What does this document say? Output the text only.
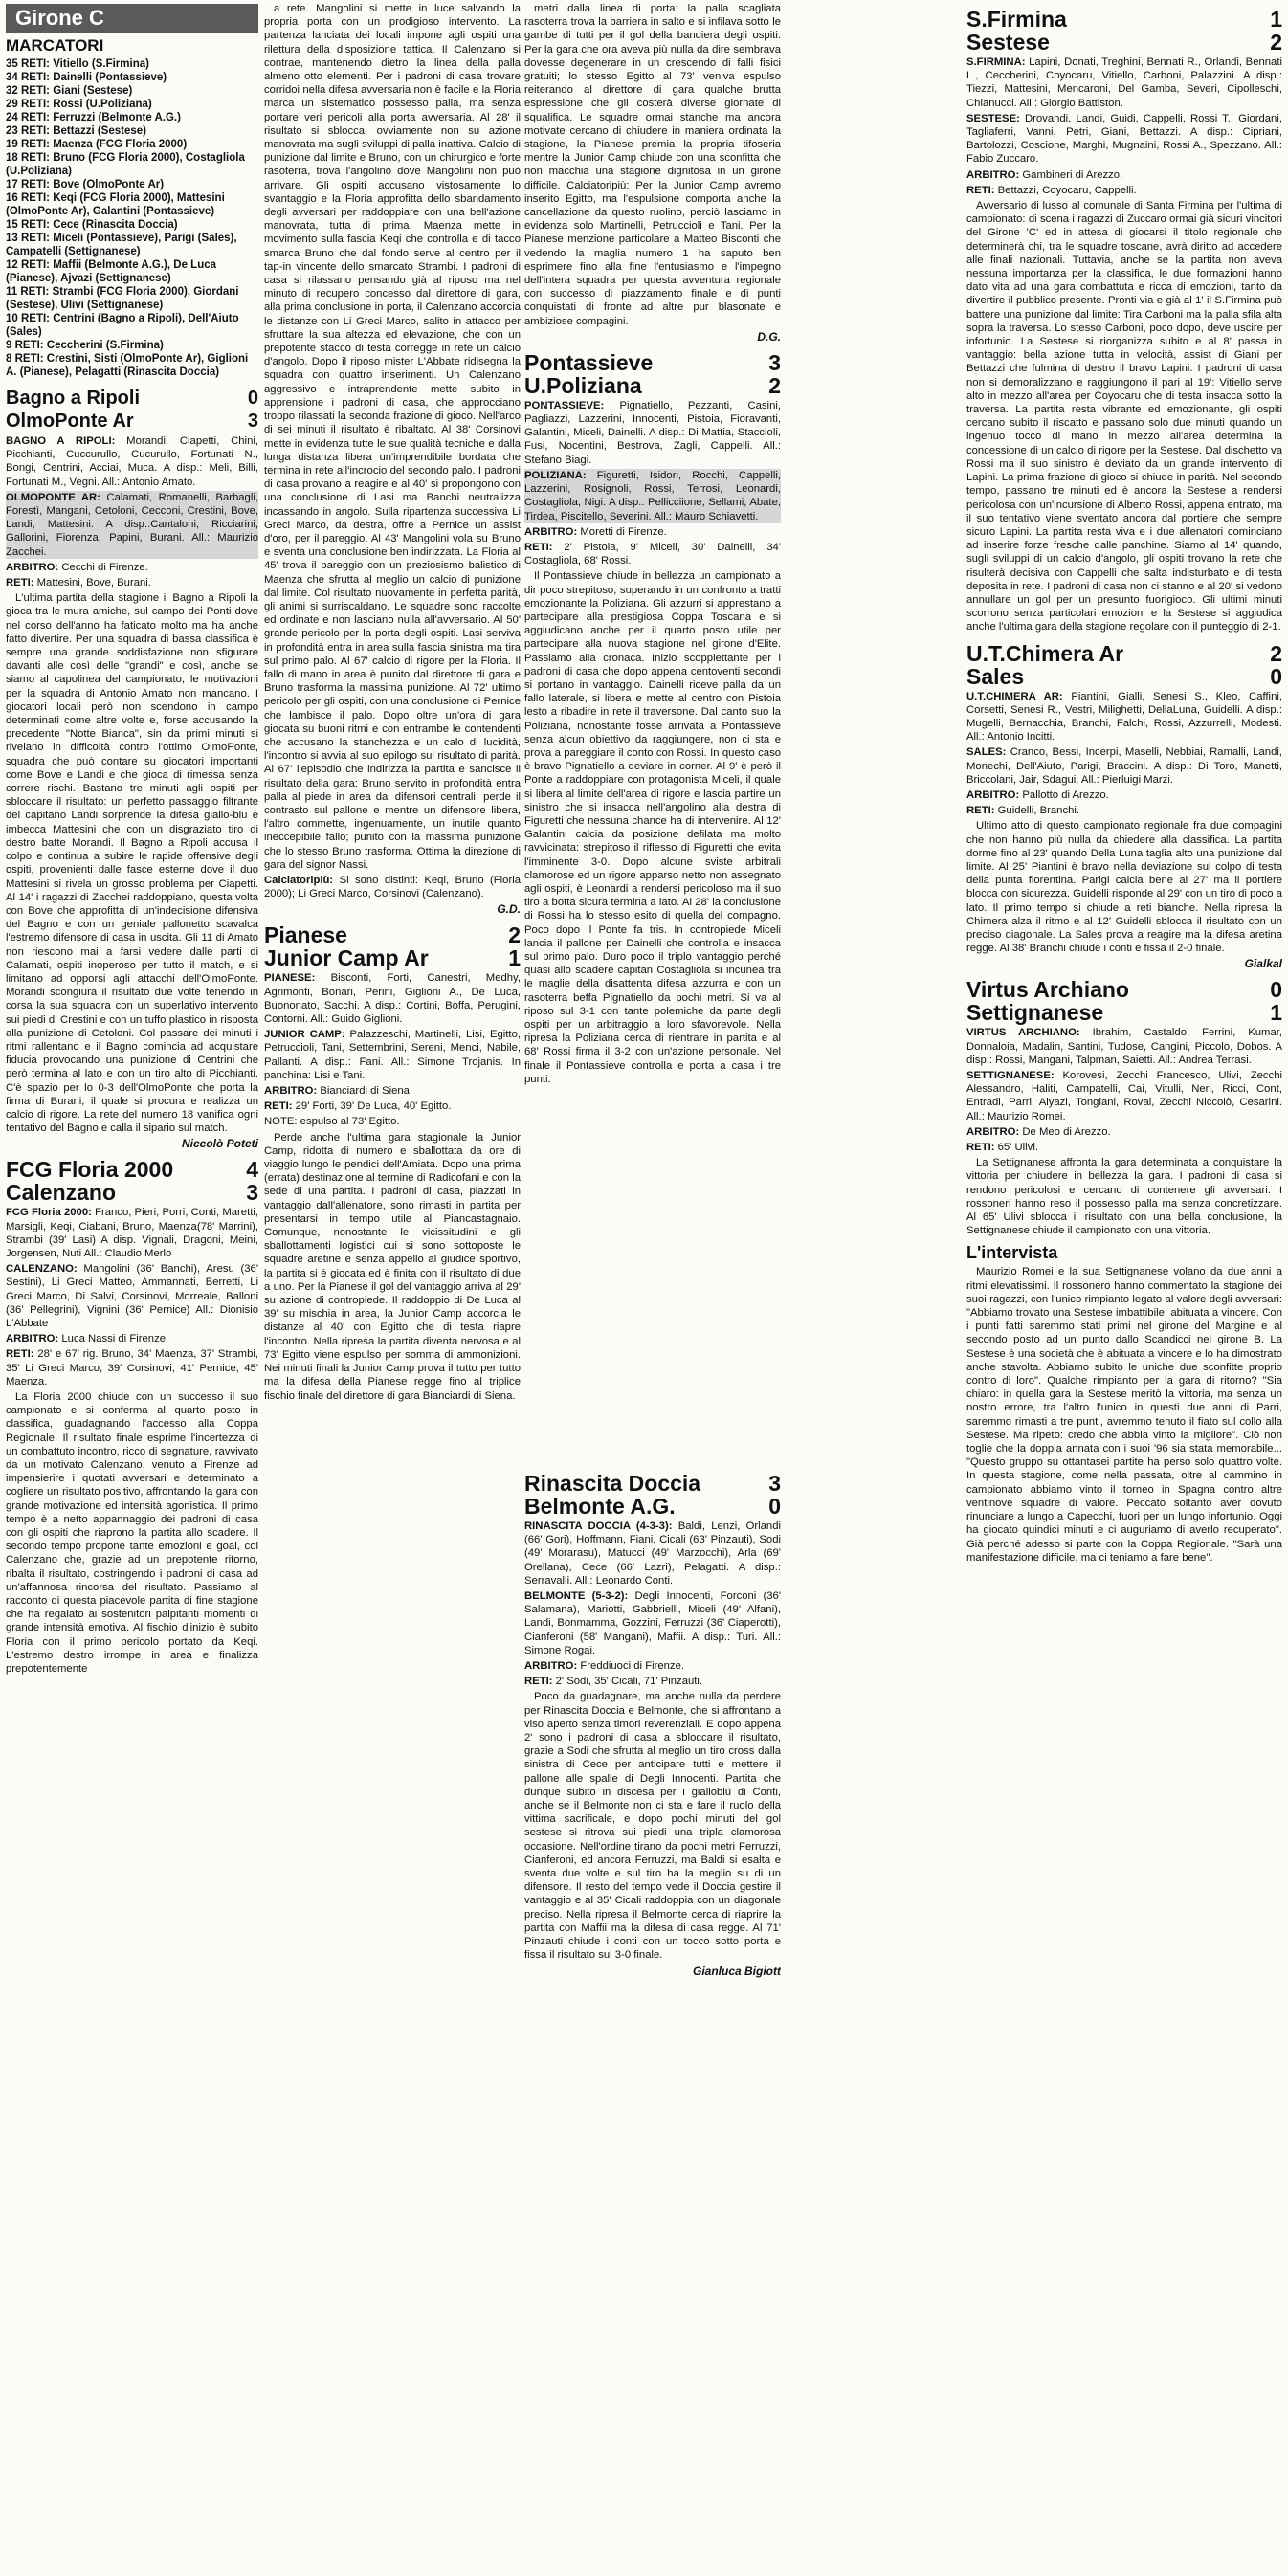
Girone C
MARCATORI

35 RETI: Vitiello (S.Firmina)

34 RETI: Dainelli (Pontassieve)

32 RETI: Giani (Sestese)

29 RETI: Rossi (U.Poliziana)

24 RETI: Ferruzzi (Belmonte A.G.)

23 RETI: Bettazzi (Sestese)

19 RETI: Maenza (FCG Floria 2000)

18 RETI: Bruno (FCG Floria 2000), Costagliola (U.Poliziana)

17 RETI: Bove (OlmoPonte Ar)

16 RETI: Keqi (FCG Floria 2000), Mattesini (OlmoPonte Ar), Galantini (Pontassieve)

15 RETI: Cece (Rinascita Doccia)

13 RETI: Miceli (Pontassieve), Parigi (Sales), Campatelli (Settignanese)

12 RETI: Maffii (Belmonte A.G.), De Luca (Pianese), Ajvazi (Settignanese)

11 RETI: Strambi (FCG Floria 2000), Giordani (Sestese), Ulivi (Settignanese)

10 RETI: Centrini (Bagno a Ripoli), Dell'Aiuto (Sales)

9 RETI: Ceccherini (S.Firmina)

8 RETI: Crestini, Sisti (OlmoPonte Ar), Giglioni A. (Pianese), Pelagatti (Rinascita Doccia)

Bagno a Ripoli	0
OlmoPonte Ar	3

BAGNO A RIPOLI: Morandi, Ciapetti, Chini, Picchianti, Cuccurullo, Cucurullo, Fortunati N., Bongi, Centrini, Acciai, Muca. A disp.: Meli, Billi, Fortunati M., Vegni. All.: Antonio Amato.

OLMOPONTE AR: Calamati, Romanelli, Barbagli, Forestì, Mangani, Cetoloni, Cecconi, Crestini, Bove, Landi, Mattesini. A disp.:Cantaloni, Ricciarini, Gallorini, Fiorenza, Papini, Burani. All.: Maurizio Zacchei.

ARBITRO: Cecchi di Firenze.

RETI: Mattesini, Bove, Burani.

L'ultima partita della stagione il Bagno a Ripoli la gioca tra le mura amiche, sul campo dei Ponti dove nel corso dell'anno ha faticato molto ma ha anche fatto divertire. Per una squadra di bassa classifica è sempre una grande soddisfazione non sfigurare davanti alle così delle "grandi" e così, anche se siamo al capolinea del campionato, le motivazioni per la squadra di Antonio Amato non mancano. I giocatori locali però non scendono in campo determinati come altre volte e, forse accusando la precedente "Notte Bianca", sin da primi minuti si rivelano in difficoltà contro l'ottimo OlmoPonte, squadra che può contare su giocatori importanti come Bove e Landi e che gioca di rimessa senza correre rischi. Bastano tre minuti agli ospiti per sbloccare il risultato: un perfetto passaggio filtrante del capitano Landi sorprende la difesa giallo-blu e imbecca Mattesini che con un disgraziato tiro di destro batte Morandi. Il Bagno a Ripoli accusa il colpo e continua a subire le rapide offensive degli ospiti, provenienti dalle fasce esterne dove il duo Mattesini si rivela un grosso problema per Ciapetti. Al 14' i ragazzi di Zacchei raddoppiano, questa volta con Bove che approfitta di un'indecisione difensiva del Bagno e con un geniale pallonetto scavalca l'estremo difensore di casa in uscita. Gli 11 di Amato non riescono mai a farsi vedere dalle parti di Calamati, ospiti inoperoso per tutto il match, e si limitano ad opporsi agli attacchi dell'OlmoPonte. Morandi scongiura il risultato due volte tenendo in corsa la sua squadra con un superlativo intervento sui piedi di Crestini e con un tuffo plastico in risposta alla punizione di Cetoloni. Col passare dei minuti i ritmi rallentano e il Bagno comincia ad acquistare fiducia provocando una punizione di Centrini che però termina al lato e con un tiro alto di Picchianti. C'è spazio per lo 0-3 dell'OlmoPonte che porta la firma di Burani, il quale si procura e realizza un calcio di rigore. La rete del numero 18 vanifica ogni tentativo del Bagno e calla il sipario sul match.

Niccolò Poteti

FCG Floria 2000	4
Calenzano	3

FCG Floria 2000: Franco, Pieri, Porri, Conti, Maretti, Marsigli, Keqi, Ciabani, Bruno, Maenza(78' Marrini), Strambi (39' Lasi) A disp. Vignali, Dragoni, Meini, Jorgensen, Nuti All.: Claudio Merlo

CALENZANO: Mangolini (36' Banchi), Aresu (36' Sestini), Li Greci Matteo, Ammannati, Berretti, Li Greci Marco, Di Salvi, Corsinovi, Morreale, Balloni (36' Pellegrini), Vignini (36' Pernice) All.: Dionisio L'Abbate

ARBITRO: Luca Nassi di Firenze.

RETI: 28' e 67' rig. Bruno, 34' Maenza, 37' Strambi, 35' Li Greci Marco, 39' Corsinovi, 41' Pernice, 45' Maenza.

La Floria 2000 chiude con un successo il suo campionato e si conferma al quarto posto in classifica, guadagnando l'accesso alla Coppa Regionale. Il risultato finale esprime l'incertezza di un combattuto incontro, ricco di segnature, ravvivato da un motivato Calenzano, venuto a Firenze ad impensierire i quotati avversari e determinato a cogliere un risultato positivo, affrontando la gara con grande motivazione ed intensità agonistica. Il primo tempo è a netto appannaggio dei padroni di casa con gli ospiti che riaprono la partita allo scadere. Il secondo tempo propone tante emozioni e goal, col Calenzano che, grazie ad un prepotente ritorno, ribalta il risultato, costringendo i padroni di casa ad un'affannosa rincorsa del risultato. Passiamo al racconto di questa piacevole partita di fine stagione che ha regalato ai sostenitori palpitanti momenti di grande intensità emotiva. Al fischio d'inizio è subito Floria con il primo pericolo portato da Keqi. L'estremo destro irrompe in area e finalizza prepotentemente

a rete. Mangolini si mette in luce salvando la propria porta con un prodigioso intervento. La partenza lanciata dei locali impone agli ospiti una rilettura della disposizione tattica. Il Calenzano si contrae, mantenendo dietro la linea della palla almeno otto elementi. Per i padroni di casa trovare corridoi nella difesa avversaria non è facile e la Floria marca un sistematico possesso palla, ma senza portare veri pericoli alla porta avversaria. Al 28' il risultato si sblocca, ovviamente non su azione manovrata ma sugli sviluppi di palla inattiva. Calcio di punizione dal limite e Bruno, con un chirurgico e forte rasoterra, trova l'angolino dove Mangolini non può arrivare. Gli ospiti accusano vistosamente lo svantaggio e la Floria approfitta dello sbandamento degli avversari per raddoppiare con una bell'azione manovrata, tutta di prima. Maenza mette in movimento sulla fascia Keqi che controlla e di tacco smarca Bruno che dal fondo serve al centro per il tap-in vincente dello smarcato Strambi. I padroni di casa si rilassano pensando già al riposo ma nel minuto di recupero concesso dal direttore di gara, alla prima conclusione in porta, il Calenzano accorcia le distanze con Li Greci Marco, salito in attacco per sfruttare la sua altezza ed elevazione, che con un prepotente stacco di testa corregge in rete un calcio d'angolo. Dopo il riposo mister L'Abbate ridisegna la squadra con quattro inserimenti. Un Calenzano aggressivo e intraprendente mette subito in apprensione i padroni di casa, che approcciano troppo rilassati la seconda frazione di gioco. Nell'arco di sei minuti il risultato è ribaltato. Al 38' Corsinovi mette in evidenza tutte le sue qualità tecniche e dalla lunga distanza libera un'imprendibile bordata che termina in rete all'incrocio del secondo palo. I padroni di casa provano a reagire e al 40' si propongono con una conclusione di Lasi ma Banchi neutralizza incassando in angolo. Sulla ripartenza successiva Li Greci Marco, da destra, offre a Pernice un assist d'oro, per il pareggio. Al 43' Mangolini vola su Bruno e sventa una conclusione ben indirizzata. La Floria al 45' trova il pareggio con un preziosismo balistico di Maenza che sfrutta al meglio un calcio di punizione dal limite. Col risultato nuovamente in perfetta parità, gli animi si surriscaldano. Le squadre sono raccolte ed ordinate e non lasciano nulla all'avversario. Al 50' grande pericolo per la porta degli ospiti. Lasi serviva in profondità entra in area sulla fascia sinistra ma tira sul primo palo. Al 67' calcio di rigore per la Floria. Il fallo di mano in area è punito dal direttore di gara e Bruno trasforma la massima punizione. Al 72' ultimo pericolo per gli ospiti, con una conclusione di Pernice che lambisce il palo. Dopo oltre un'ora di gara giocata su buoni ritmi e con entrambe le contendenti che accusano la stanchezza e un calo di lucidità, l'incontro si avvia al suo epilogo sul risultato di parità. Al 67' l'episodio che indirizza la partita e sancisce il risultato della gara: Bruno servito in profondità entra palla al piede in area dai difensori centrali, perde il contrasto sul pallone e mentre un difensore libera, l'altro commette, ingenuamente, un inutile quanto ineccepibile fallo; punito con la massima punizione che lo stesso Bruno trasforma. Ottima la direzione di gara del signor Nassi.

Calciatoripiù: Si sono distinti: Keqi, Bruno (Floria 2000); Li Greci Marco, Corsinovi (Calenzano).

G.D.

Pianese	2
Junior Camp Ar	1

PIANESE: Bisconti, Forti, Canestri, Medhy, Agrimonti, Bonari, Perini, Giglioni A., De Luca, Buononato, Sacchi. A disp.: Cortini, Boffa, Perugini, Contorni. All.: Guido Giglioni.

JUNIOR CAMP: Palazzeschi, Martinelli, Lisi, Egitto, Petruccioli, Tani, Settembrini, Sereni, Menci, Nabile, Pallanti. A disp.: Fani. All.: Simone Trojanis. In panchina: Lisi e Tani.

ARBITRO: Bianciardi di Siena

RETI: 29' Forti, 39' De Luca, 40' Egitto.

NOTE: espulso al 73' Egitto.

Perde anche l'ultima gara stagionale la Junior Camp, ridotta di numero e sballottata da ore di viaggio lungo le pendici dell'Amiata. Dopo una prima (errata) destinazione al termine di Radicofani e con la sede di una partita. I padroni di casa, piazzati in vantaggio dall'allenatore, sono rimasti in partita per presentarsi in tempo utile al Piancastagnaio. Comunque, nonostante le vicissitudini e gli sballottamenti logistici cui si sono sottoposte le squadre aretine e senza appello al giudice sportivo, la partita si è giocata ed è finita con il risultato di due a uno. Per la Pianese il gol del vantaggio arriva al 29' su azione di contropiede. Il raddoppio di De Luca al 39' su mischia in area, la Junior Camp accorcia le distanze al 40' con Egitto che di testa riapre l'incontro. Nella ripresa la partita diventa nervosa e al 73' Egitto viene espulso per somma di ammonizioni. Nei minuti finali la Junior Camp prova il tutto per tutto ma la difesa della Pianese regge fino al triplice fischio finale del direttore di gara Bianciardi di Siena.

metri dalla linea di porta: la palla scagliata rasoterra trova la barriera in salto e si infilava sotto le gambe di tutti per il gol della bandiera degli ospiti. Per la gara che ora aveva più nulla da dire sembrava dovesse degenerare in un crescendo di falli fisici gratuiti; lo stesso Egitto al 73' veniva espulso reiterando al direttore di gara qualche brutta espressione che gli costerà diverse giornate di squalifica. Le squadre ormai stanche ma ancora motivate cercano di chiudere in maniera ordinata la stagione, la Pianese premia la propria tifoseria mentre la Junior Camp chiude con una sconfitta che non macchia una stagione dignitosa in un girone difficile. Calciatoripiù: Per la Junior Camp avremo inserito Egitto, ma l'espulsione comporta anche la cancellazione da questo ruolino, perciò lasciamo in evidenza solo Martinelli, Petruccioli e Tani. Per la Pianese menzione particolare a Matteo Bisconti che vedendo la maglia numero 1 ha saputo ben esprimere fino alla fine l'entusiasmo e l'impegno dell'intera squadra per questa avventura regionale con successo di piazzamento finale e di punti conquistati di fronte ad altre pur blasonate e ambiziose compagini.

D.G.

Pontassieve	3
U.Poliziana	2

PONTASSIEVE: Pignatiello, Pezzanti, Casini, Pagliazzi, Lazzerini, Innocenti, Pistoia, Fioravanti, Galantini, Miceli, Dainelli. A disp.: Di Mattia, Staccioli, Fusi, Nocentini, Bestrova, Zagli, Cappelli. All.: Stefano Biagi.

POLIZIANA: Figuretti, Isidori, Rocchi, Cappelli, Lazzerini, Rosignoli, Rossi, Terrosi, Leonardi, Costagliola, Nigi. A disp.: Pellicciione, Sellami, Abate, Tirdea, Piscitello, Severini. All.: Mauro Schiavetti.

ARBITRO: Moretti di Firenze.

RETI: 2' Pistoia, 9' Miceli, 30' Dainelli, 34' Costagliola, 68' Rossi.

Il Pontassieve chiude in bellezza un campionato a dir poco strepitoso, superando in un confronto a tratti emozionante la Poliziana. Gli azzurri si apprestano a partecipare alla prestigiosa Coppa Toscana e si aggiudicano anche per il quarto posto utile per partecipare alla nuova stagione nel girone d'Elite. Passiamo alla cronaca. Inizio scoppiettante per i padroni di casa che dopo appena centoventi secondi si portano in vantaggio. Dainelli riceve palla da un fallo laterale, si libera e mette al centro con Pistoia lesto a ribadire in rete il traversone. Dal canto suo la Poliziana, nonostante fosse arrivata a Pontassieve senza alcun obiettivo da raggiungere, non ci sta e prova a pareggiare il conto con Rossi. In questo caso è bravo Pignatiello a deviare in corner. Al 9' è però il Ponte a raddoppiare con protagonista Miceli, il quale si libera al limite dell'area di rigore e lascia partire un sinistro che si insacca nell'angolino alla destra di Figuretti che nessuna chance ha di intervenire. Al 12' Galantini calcia da posizione defilata ma molto ravvicinata: strepitoso il riflesso di Figuretti che evita l'imminente 3-0. Dopo alcune sviste arbitrali clamorose ed un rigore apparso netto non assegnato agli ospiti, è Leonardi a rendersi pericoloso ma il suo tiro a botta sicura termina a lato. Al 28' la conclusione di Rossi ha lo stesso esito di quella del compagno. Poco dopo il Ponte fa tris. In contropiede Miceli lancia il pallone per Dainelli che controlla e insacca sul primo palo. Duro poco il triplo vantaggio perché quasi allo scadere capitan Costagliola si incunea tra le maglie della disattenta difesa azzurra e con un rasoterra beffa Pignatiello da pochi metri. Si va al riposo sul 3-1 con tante polemiche da parte degli ospiti per un arbitraggio a loro sfavorevole. Nella ripresa la Poliziana cerca di rientrare in partita e al 68' Rossi firma il 3-2 con un'azione personale. Nel finale il Pontassieve controlla e porta a casa i tre punti.

S.Firmina	1
Sestese	2

S.FIRMINA: Lapini, Donati, Treghini, Bennati R., Orlandi, Bennati L., Ceccherini, Coyocaru, Vitiello, Carboni, Palazzini. A disp.: Tiezzi, Mattesini, Mencaroni, Del Gamba, Severi, Cipolleschi, Chianucci. All.: Giorgio Battiston.

SESTESE: Drovandi, Landi, Guidi, Cappelli, Rossi T., Giordani, Tagliaferri, Vanni, Petri, Giani, Bettazzi. A disp.: Cipriani, Bartolozzi, Coscione, Marghi, Mugnaini, Rossi A., Spezzano. All.: Fabio Zuccaro.

ARBITRO: Gambineri di Arezzo.

RETI: Bettazzi, Coyocaru, Cappelli.

Avversario di lusso al comunale di Santa Firmina per l'ultima di campionato: di scena i ragazzi di Zuccaro ormai già sicuri vincitori del Girone 'C' ed in attesa di giocarsi il titolo regionale che determinerà chi, tra le squadre toscane, avrà diritto ad accedere alle finali nazionali. Tuttavia, anche se la partita non aveva nessuna importanza per la classifica, le due formazioni hanno dato vita ad una gara combattuta e ricca di emozioni, tanto da divertire il pubblico presente. Pronti via e già al 1' il S.Firmina può battere una punizione dal limite: Tira Carboni ma la palla sfila alta sopra la traversa. Lo stesso Carboni, poco dopo, deve uscire per infortunio. La Sestese si riorganizza subito e al 8' passa in vantaggio: bella azione tutta in velocità, assist di Giani per Bettazzi che fulmina di destro il bravo Lapini. I padroni di casa non si demoralizzano e raggiungono il pari al 19': Vitiello serve alto in mezzo all'area per Coyocaru che di testa insacca sotto la traversa. La partita resta vibrante ed emozionante, gli ospiti cercano subito il riscatto e passano solo due minuti quando un ingenuo tocco di mano in mezzo all'area determina la concessione di un calcio di rigore per la Sestese. Dal dischetto va Rossi ma il suo sinistro è deviato da un grande intervento di Lapini. La prima frazione di gioco si chiude in parità. Nel secondo tempo, passano tre minuti ed è ancora la Sestese a rendersi pericolosa con un'incursione di Alberto Rossi, appena entrato, ma il suo tentativo viene sventato ancora dal portiere che sempre sicuro Lapini. La partita resta viva e i due allenatori cominciano ad inserire forze fresche dalle panchine. Siamo al 14' quando, sugli sviluppi di un calcio d'angolo, gli ospiti trovano la rete che risulterà decisiva con Cappelli che salta indisturbato e di testa deposita in rete. I padroni di casa non ci stanno e al 20' si vedono annullare un gol per un presunto fuorigioco. Gli ultimi minuti scorrono senza particolari emozioni e la Sestese si aggiudica anche l'ultima gara della stagione regolare con il punteggio di 2-1.

U.T.Chimera Ar	2
Sales	0

U.T.CHIMERA AR: Piantini, Gialli, Senesi S., Kleo, Caffini, Corsetti, Senesi R., Vestri, Milighetti, DellaLuna, Guidelli. A disp.: Mugelli, Bernacchia, Branchi, Falchi, Rossi, Azzurrelli, Modesti. All.: Antonio Incitti.

SALES: Cranco, Bessi, Incerpi, Maselli, Nebbiai, Ramalli, Landi, Monechi, Dell'Aiuto, Parigi, Braccini. A disp.: Di Toro, Manetti, Briccolani, Jair, Sdagui. All.: Pierluigi Marzi.

ARBITRO: Pallotto di Arezzo.

RETI: Guidelli, Branchi.

Ultimo atto di questo campionato regionale fra due compagini che non hanno più nulla da chiedere alla classifica. La partita dorme fino al 23' quando Della Luna taglia alto una punizione dal limite. Al 25' Piantini è bravo nella deviazione sul colpo di testa della punta fiorentina. Parigi calcia bene al 27' ma il portiere blocca con sicurezza. Guidelli risponde al 29' con un tiro di poco a lato. Il primo tempo si chiude a reti bianche. Nella ripresa la Chimera alza il ritmo e al 12' Guidelli sblocca il risultato con un preciso diagonale. La Sales prova a reagire ma la difesa aretina regge. Al 38' Branchi chiude i conti e fissa il 2-0 finale.

Gialkal

Virtus Archiano	0
Settignanese	1

VIRTUS ARCHIANO: Ibrahim, Castaldo, Ferrini, Kumar, Donnaloia, Madalin, Santini, Tudose, Cangini, Piccolo, Dobos. A disp.: Rossi, Mangani, Talpman, Saietti. All.: Andrea Terrasi.

SETTIGNANESE: Korovesi, Zecchi Francesco, Ulivi, Zecchi Alessandro, Haliti, Campatelli, Cai, Vitulli, Neri, Ricci, Cont, Entradi, Parri, Aiyazi, Tongiani, Rovai, Zecchi Niccolò, Cesarini. All.: Maurizio Romei.

ARBITRO: De Meo di Arezzo.

RETI: 65' Ulivi.

La Settignanese affronta la gara determinata a conquistare la vittoria per chiudere in bellezza la gara. I padroni di casa si rendono pericolosi e cercano di contenere gli avversari. I rossoneri hanno reso il possesso palla ma senza concretizzare. Al 65' Ulivi sblocca il risultato con una bella conclusione, la Settignanese chiude il campionato con una vittoria.

L'intervista

Maurizio Romei e la sua Settignanese volano da due anni a ritmi elevatissimi. Il rossonero hanno commentato la stagione dei suoi ragazzi, con l'unico rimpianto legato al valore degli avversari: "Abbiamo trovato una Sestese imbattibile, abituata a vincere. Con i punti fatti saremmo stati primi nel girone del Margine e al secondo posto ad un punto dallo Scandicci nel girone B. La Sestese è una società che è abituata a vincere e lo ha dimostrato anche stavolta. Abbiamo subito le uniche due sconfitte proprio contro di loro". Qualche rimpianto per la gara di ritorno? "Sia chiaro: in quella gara la Sestese meritò la vittoria, ma senza un nostro errore, tra l'altro l'unico in questi due anni di Parri, saremmo rimasti a tre punti, avremmo tenuto il fiato sul collo alla Sestese. Ma ripeto: credo che abbia vinto la migliore". Ciò non toglie che la doppia annata con i suoi '96 sia stata memorabile... "Questo gruppo su ottantasei partite ha perso solo quattro volte. In questa stagione, come nella passata, oltre al cammino in campionato abbiamo vinto il torneo in Spagna contro altre ventinove squadre di valore. Peccato soltanto aver dovuto rinunciare a lungo a Capecchi, fuori per un lungo infortunio. Oggi ha giocato quindici minuti e ci auguriamo di averlo recuperato". Già perché adesso si parte con la Coppa Regionale. "Sarà una manifestazione difficile, ma ci teniamo a fare bene".

Rinascita Doccia	3
Belmonte A.G.	0

RINASCITA DOCCIA (4-3-3): Baldi, Lenzi, Orlandi (66' Gori), Hoffmann, Fiani, Cicali (63' Pinzauti), Sodi (49' Morarasu), Matucci (49' Marzocchi), Arla (69' Orellana), Cece (66' Lazri), Pelagatti. A disp.: Serravalli. All.: Leonardo Conti.

BELMONTE (5-3-2): Degli Innocenti, Forconi (36' Salamana), Mariotti, Gabbrielli, Miceli (49' Alfani), Landi, Bonmamma, Gozzini, Ferruzzi (36' Ciaperotti), Cianferoni (58' Mangani), Maffii. A disp.: Turi. All.: Simone Rogai.

ARBITRO: Freddiuoci di Firenze.

RETI: 2' Sodi, 35' Cicali, 71' Pinzauti.

Poco da guadagnare, ma anche nulla da perdere per Rinascita Doccia e Belmonte, che si affrontano a viso aperto senza timori reverenziali. E dopo appena 2' sono i padroni di casa a sbloccare il risultato, grazie a Sodi che sfrutta al meglio un tiro cross dalla sinistra di Cece per anticipare tutti e mettere il pallone alle spalle di Degli Innocenti. Partita che dunque subito in discesa per i gialloblù di Conti, anche se il Belmonte non ci sta e fare il ruolo della vittima sacrificale, e dopo pochi minuti del gol sestese si ritrova sui piedi una tripla clamorosa occasione. Nell'ordine tirano da pochi metri Ferruzzi, Cianferoni, ed ancora Ferruzzi, ma Baldi si esalta e sventa due volte e sul tiro ha la meglio su di un difensore. Il resto del tempo vede il Doccia gestire il vantaggio e al 35' Cicali raddoppia con un diagonale preciso. Nella ripresa il Belmonte cerca di riaprire la partita con Maffii ma la difesa di casa regge. Al 71' Pinzauti chiude i conti con un tocco sotto porta e fissa il risultato sul 3-0 finale.

Gianluca Bigiott
